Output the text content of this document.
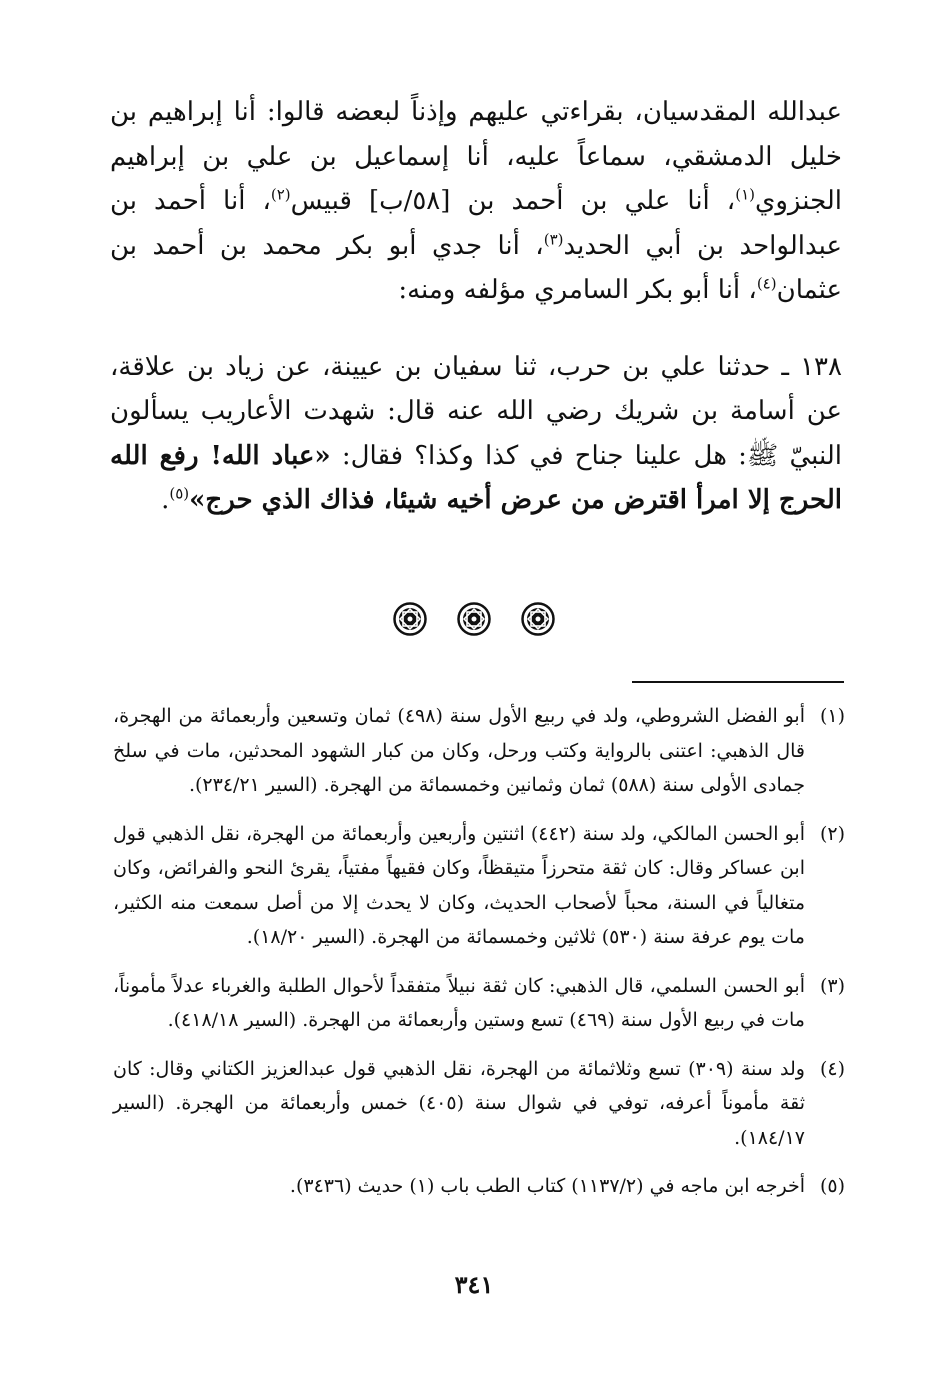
عبدالله المقدسيان، بقراءتي عليهم وإذناً لبعضه قالوا: أنا إبراهيم بن خليل الدمشقي، سماعاً عليه، أنا إسماعيل بن علي بن إبراهيم الجنزوي$^{(١)}$، أنا علي بن أحمد بن [٥٨/ب] قبيس$^{(٢)}$، أنا أحمد بن عبدالواحد بن أبي الحديد$^{(٣)}$، أنا جدي أبو بكر محمد بن أحمد بن عثمان$^{(٤)}$، أنا أبو بكر السامري مؤلفه ومنه:

١٣٨ ـ حدثنا علي بن حرب، ثنا سفيان بن عيينة، عن زياد بن علاقة، عن أسامة بن شريك رضي الله عنه قال: شهدت الأعاريب يسألون النبيّ ﷺ: هل علينا جناح في كذا وكذا؟ فقال: «عباد الله! رفع الله الحرج إلا امرأ اقترض من عرض أخيه شيئا، فذاك الذي حرج»$^{(٥)}$.

(١)
أبو الفضل الشروطي، ولد في ربيع الأول سنة (٤٩٨) ثمان وتسعين وأربعمائة من الهجرة، قال الذهبي: اعتنى بالرواية وكتب ورحل، وكان من كبار الشهود المحدثين، مات في سلخ جمادى الأولى سنة (٥٨٨) ثمان وثمانين وخمسمائة من الهجرة. (السير ٢٣٤/٢١).
(٢)
أبو الحسن المالكي، ولد سنة (٤٤٢) اثنتين وأربعين وأربعمائة من الهجرة، نقل الذهبي قول ابن عساكر وقال: كان ثقة متحرزاً متيقظاً، وكان فقيهاً مفتياً، يقرئ النحو والفرائض، وكان متغالياً في السنة، محباً لأصحاب الحديث، وكان لا يحدث إلا من أصل سمعت منه الكثير، مات يوم عرفة سنة (٥٣٠) ثلاثين وخمسمائة من الهجرة. (السير ١٨/٢٠).
(٣)
أبو الحسن السلمي، قال الذهبي: كان ثقة نبيلاً متفقداً لأحوال الطلبة والغرباء عدلاً مأموناً، مات في ربيع الأول سنة (٤٦٩) تسع وستين وأربعمائة من الهجرة. (السير ٤١٨/١٨).
(٤)
ولد سنة (٣٠٩) تسع وثلاثمائة من الهجرة، نقل الذهبي قول عبدالعزيز الكتاني وقال: كان ثقة مأموناً أعرفه، توفي في شوال سنة (٤٠٥) خمس وأربعمائة من الهجرة. (السير ١٨٤/١٧).
(٥)
أخرجه ابن ماجه في (١١٣٧/٢) كتاب الطب باب (١) حديث (٣٤٣٦).
٣٤١
